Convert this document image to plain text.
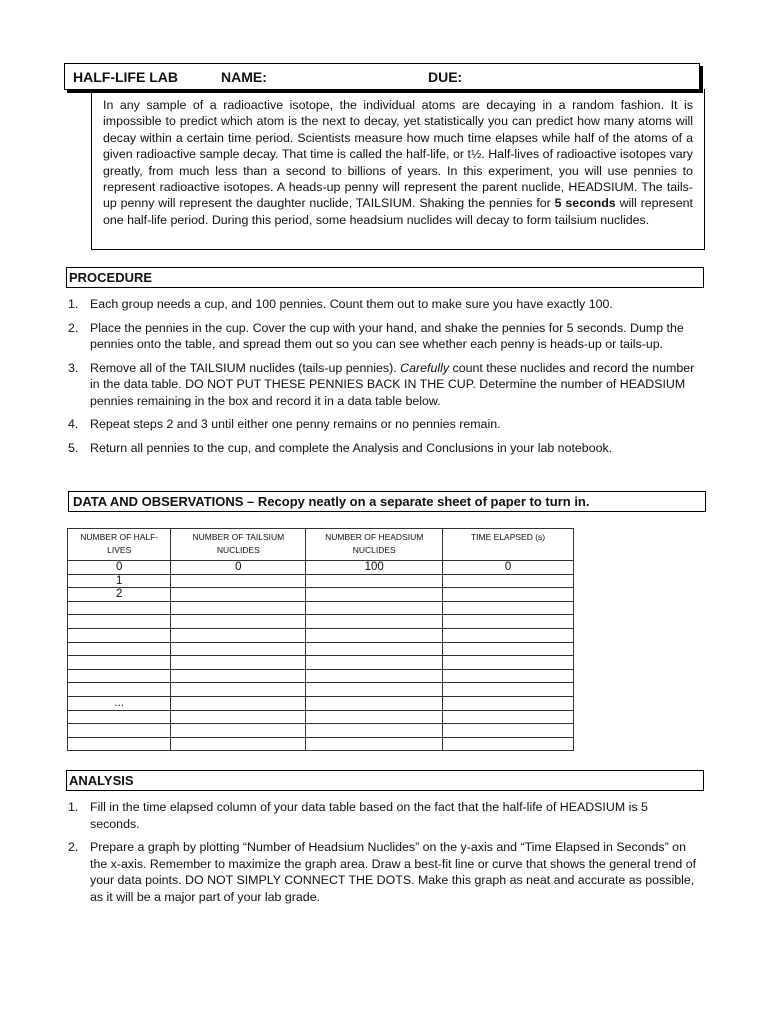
HALF-LIFE LAB	NAME:	DUE:

In any sample of a radioactive isotope, the individual atoms are decaying in a random fashion. It is impossible to predict which atom is the next to decay, yet statistically you can predict how many atoms will decay within a certain time period. Scientists measure how much time elapses while half of the atoms of a given radioactive sample decay. That time is called the half-life, or t½. Half-lives of radioactive isotopes vary greatly, from much less than a second to billions of years. In this experiment, you will use pennies to represent radioactive isotopes. A heads-up penny will represent the parent nuclide, HEADSIUM. The tails-up penny will represent the daughter nuclide, TAILSIUM. Shaking the pennies for 5 seconds will represent one half-life period. During this period, some headsium nuclides will decay to form tailsium nuclides.

PROCEDURE
1. Each group needs a cup, and 100 pennies. Count them out to make sure you have exactly 100.
2. Place the pennies in the cup. Cover the cup with your hand, and shake the pennies for 5 seconds. Dump the pennies onto the table, and spread them out so you can see whether each penny is heads-up or tails-up.
3. Remove all of the TAILSIUM nuclides (tails-up pennies). Carefully count these nuclides and record the number in the data table. DO NOT PUT THESE PENNIES BACK IN THE CUP. Determine the number of HEADSIUM pennies remaining in the box and record it in a data table below.
4. Repeat steps 2 and 3 until either one penny remains or no pennies remain.
5. Return all pennies to the cup, and complete the Analysis and Conclusions in your lab notebook.
DATA AND OBSERVATIONS – Recopy neatly on a separate sheet of paper to turn in.
NUMBER OF HALF-LIVES	NUMBER OF TAILSIUM NUCLIDES	NUMBER OF HEADSIUM NUCLIDES	TIME ELAPSED (s)
0	0	100	0
1			
2			

...			

ANALYSIS
1. Fill in the time elapsed column of your data table based on the fact that the half-life of HEADSIUM is 5 seconds.
2. Prepare a graph by plotting “Number of Headsium Nuclides” on the y-axis and “Time Elapsed in Seconds” on the x-axis. Remember to maximize the graph area. Draw a best-fit line or curve that shows the general trend of your data points. DO NOT SIMPLY CONNECT THE DOTS. Make this graph as neat and accurate as possible, as it will be a major part of your lab grade.
